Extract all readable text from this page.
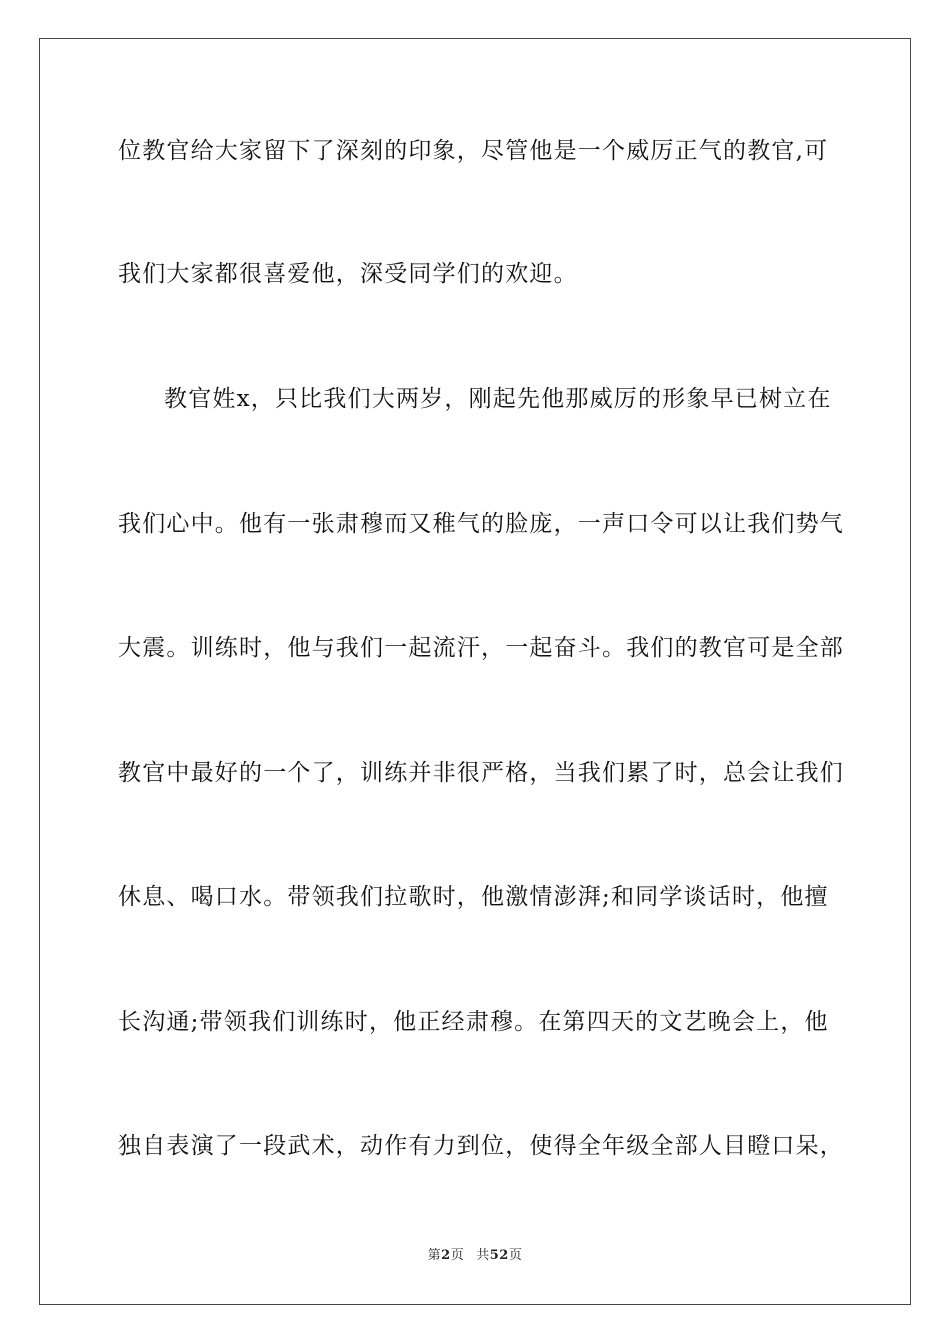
位教官给大家留下了深刻的印象，尽管他是一个威厉正气的教官,可
我们大家都很喜爱他，深受同学们的欢迎。
教官姓x，只比我们大两岁，刚起先他那威厉的形象早已树立在
我们心中。他有一张肃穆而又稚气的脸庞，一声口令可以让我们势气
大震。训练时，他与我们一起流汗，一起奋斗。我们的教官可是全部
教官中最好的一个了，训练并非很严格，当我们累了时，总会让我们
休息、喝口水。带领我们拉歌时，他激情澎湃;和同学谈话时，他擅
长沟通;带领我们训练时，他正经肃穆。在第四天的文艺晚会上，他
独自表演了一段武术，动作有力到位，使得全年级全部人目瞪口呆，
第2页 共52页
